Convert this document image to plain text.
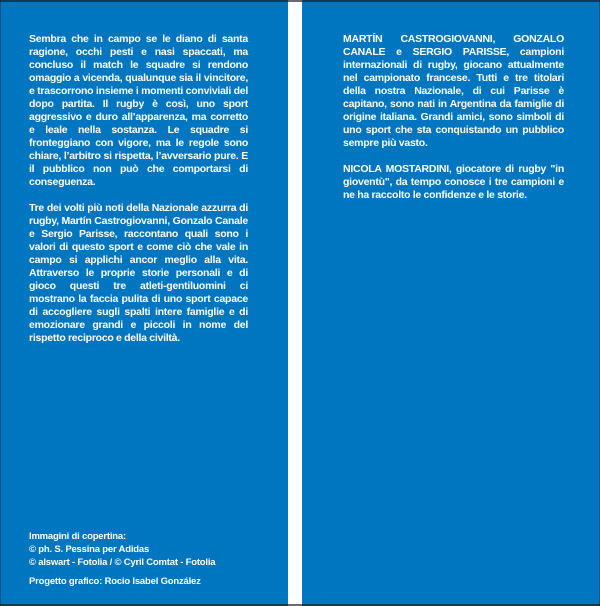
Sembra che in campo se le diano di santa ragione, occhi pesti e nasi spaccati, ma concluso il match le squadre si rendono omaggio a vicenda, qualunque sia il vincitore, e trascorrono insieme i momenti conviviali del dopo partita. Il rugby è così, uno sport aggressivo e duro all’apparenza, ma corretto e leale nella sostanza. Le squadre si fronteggiano con vigore, ma le regole sono chiare, l’arbitro si rispetta, l’avversario pure. E il pubblico non può che comportarsi di conseguenza.

Tre dei volti più noti della Nazionale azzurra di rugby, Martín Castrogiovanni, Gonzalo Canale e Sergio Parisse, raccontano quali sono i valori di questo sport e come ciò che vale in campo si applichi ancor meglio alla vita. Attraverso le proprie storie personali e di gioco questi tre atleti-gentiluomini ci mostrano la faccia pulita di uno sport capace di accogliere sugli spalti intere famiglie e di emozionare grandi e piccoli in nome del rispetto reciproco e della civiltà.

Immagini di copertina:

© ph. S. Pessina per Adidas

© alswart - Fotolia / © Cyril Comtat - Fotolia

Progetto grafico: Rocio Isabel González

MARTÍN CASTROGIOVANNI, GONZALO CANALE e SERGIO PARISSE, campioni internazionali di rugby, giocano attualmente nel campionato francese. Tutti e tre titolari della nostra Nazionale, di cui Parisse è capitano, sono nati in Argentina da famiglie di origine italiana. Grandi amici, sono simboli di uno sport che sta conquistando un pubblico sempre più vasto.

NICOLA MOSTARDINI, giocatore di rugby "in gioventù", da tempo conosce i tre campioni e ne ha raccolto le confidenze e le storie.
